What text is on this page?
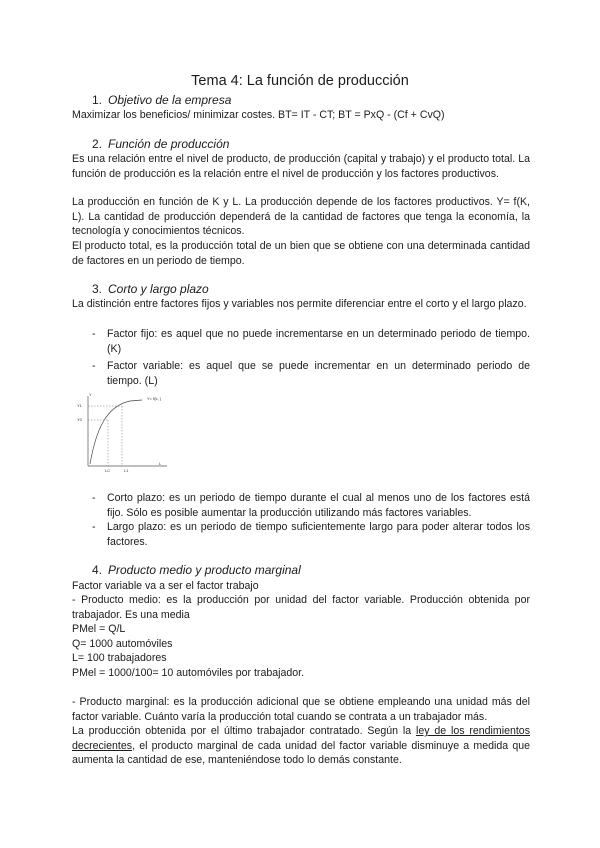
Tema 4: La función de producción
1. Objetivo de la empresa
Maximizar los beneficios/ minimizar costes. BT= IT - CT; BT = PxQ - (Cf + CvQ)
2. Función de producción
Es una relación entre el nivel de producto, de producción (capital y trabajo) y el producto total. La función de producción es la relación entre el nivel de producción y los factores productivos.
La producción en función de K y L. La producción depende de los factores productivos. Y= f(K, L). La cantidad de producción dependerá de la cantidad de factores que tenga la economía, la tecnología y conocimientos técnicos.
El producto total, es la producción total de un bien que se obtiene con una determinada cantidad de factores en un periodo de tiempo.
3. Corto y largo plazo
La distinción entre factores fijos y variables nos permite diferenciar entre el corto y el largo plazo.
- Factor fijo: es aquel que no puede incrementarse en un determinado periodo de tiempo. (K)
- Factor variable: es aquel que se puede incrementar en un determinado periodo de tiempo. (L)
Y
Y= f(k, )
Y1
Y0
LC	L1
L
- Corto plazo: es un periodo de tiempo durante el cual al menos uno de los factores está fijo. Sólo es posible aumentar la producción utilizando más factores variables.
- Largo plazo: es un periodo de tiempo suficientemente largo para poder alterar todos los factores.
4. Producto medio y producto marginal
Factor variable va a ser el factor trabajo
- Producto medio: es la producción por unidad del factor variable. Producción obtenida por trabajador. Es una media
PMel = Q/L
Q= 1000 automóviles
L= 100 trabajadores
PMel = 1000/100= 10 automóviles por trabajador.
- Producto marginal: es la producción adicional que se obtiene empleando una unidad más del factor variable. Cuánto varía la producción total cuando se contrata a un trabajador más.
La producción obtenida por el último trabajador contratado. Según la ley de los rendimientos decrecientes, el producto marginal de cada unidad del factor variable disminuye a medida que aumenta la cantidad de ese, manteniéndose todo lo demás constante.
